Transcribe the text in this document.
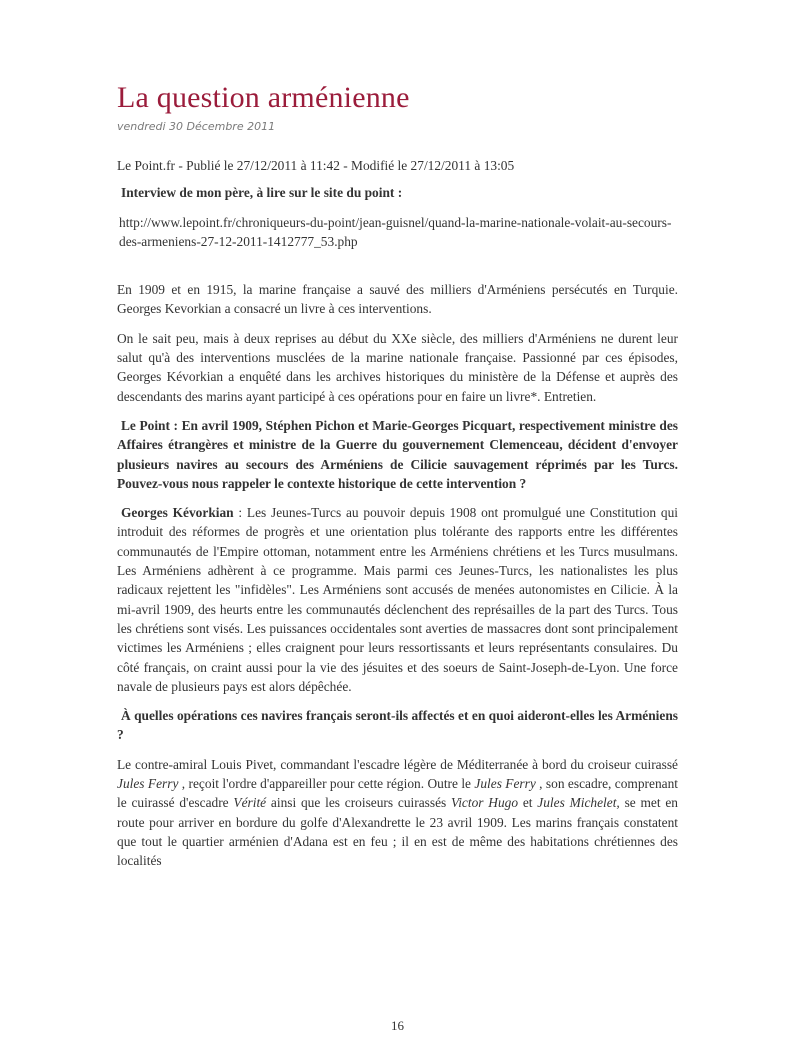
La question arménienne
vendredi 30 Décembre 2011

Le Point.fr - Publié le 27/12/2011 à 11:42 - Modifié le 27/12/2011 à 13:05

Interview de mon père, à lire sur le site du point :

http://www.lepoint.fr/chroniqueurs-du-point/jean-guisnel/quand-la-marine-nationale-volait-au-secours-des-armeniens-27-12-2011-1412777_53.php

En 1909 et en 1915, la marine française a sauvé des milliers d'Arméniens persécutés en Turquie. Georges Kevorkian a consacré un livre à ces interventions.

On le sait peu, mais à deux reprises au début du XXe siècle, des milliers d'Arméniens ne durent leur salut qu'à des interventions musclées de la marine nationale française. Passionné par ces épisodes, Georges Kévorkian a enquêté dans les archives historiques du ministère de la Défense et auprès des descendants des marins ayant participé à ces opérations pour en faire un livre*. Entretien.

Le Point : En avril 1909, Stéphen Pichon et Marie-Georges Picquart, respectivement ministre des Affaires étrangères et ministre de la Guerre du gouvernement Clemenceau, décident d'envoyer plusieurs navires au secours des Arméniens de Cilicie sauvagement réprimés par les Turcs. Pouvez-vous nous rappeler le contexte historique de cette intervention ?

Georges Kévorkian : Les Jeunes-Turcs au pouvoir depuis 1908 ont promulgué une Constitution qui introduit des réformes de progrès et une orientation plus tolérante des rapports entre les différentes communautés de l'Empire ottoman, notamment entre les Arméniens chrétiens et les Turcs musulmans. Les Arméniens adhèrent à ce programme. Mais parmi ces Jeunes-Turcs, les nationalistes les plus radicaux rejettent les "infidèles". Les Arméniens sont accusés de menées autonomistes en Cilicie. À la mi-avril 1909, des heurts entre les communautés déclenchent des représailles de la part des Turcs. Tous les chrétiens sont visés. Les puissances occidentales sont averties de massacres dont sont principalement victimes les Arméniens ; elles craignent pour leurs ressortissants et leurs représentants consulaires. Du côté français, on craint aussi pour la vie des jésuites et des soeurs de Saint-Joseph-de-Lyon. Une force navale de plusieurs pays est alors dépêchée.

À quelles opérations ces navires français seront-ils affectés et en quoi aideront-elles les Arméniens ?

Le contre-amiral Louis Pivet, commandant l'escadre légère de Méditerranée à bord du croiseur cuirassé Jules Ferry , reçoit l'ordre d'appareiller pour cette région. Outre le Jules Ferry , son escadre, comprenant le cuirassé d'escadre Vérité ainsi que les croiseurs cuirassés Victor Hugo et Jules Michelet, se met en route pour arriver en bordure du golfe d'Alexandrette le 23 avril 1909. Les marins français constatent que tout le quartier arménien d'Adana est en feu ; il en est de même des habitations chrétiennes des localités

16
